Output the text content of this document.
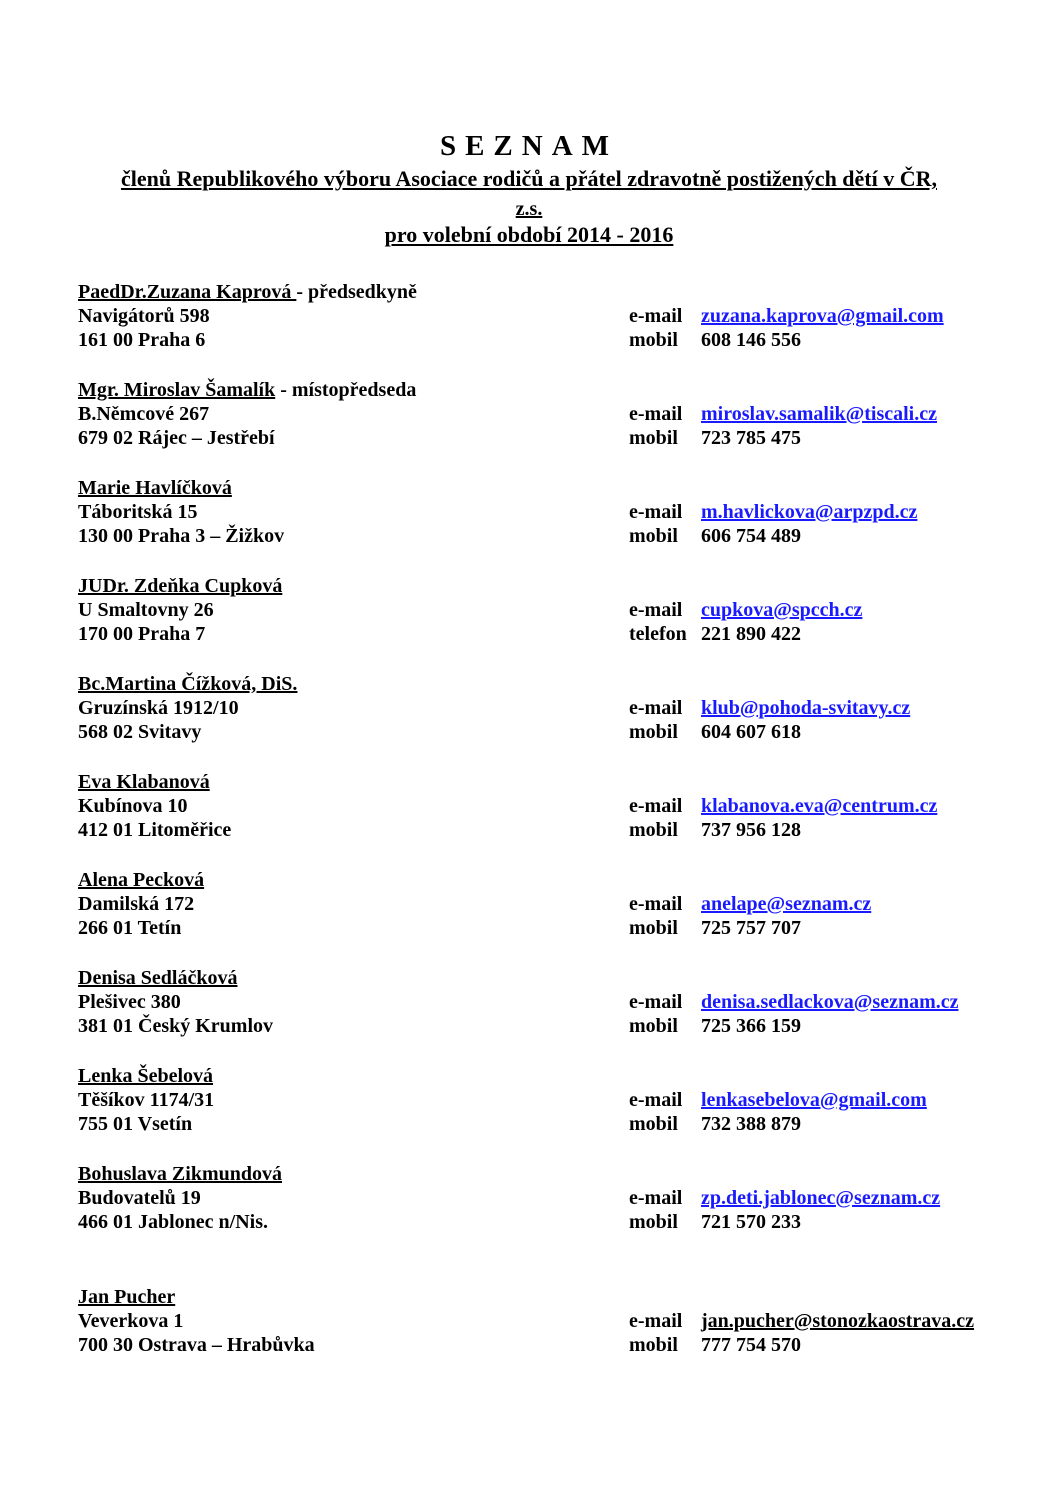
SEZNAM
členů Republikového výboru Asociace rodičů a přátel zdravotně postižených dětí v ČR,
z.s.
pro volební období 2014 - 2016
PaedDr.Zuzana Kaprová - předsedkyně
Navigátorů 598	e-mail zuzana.kaprova@gmail.com
161 00 Praha 6	mobil 608 146 556
Mgr. Miroslav Šamalík - místopředseda
B.Němcové 267	e-mail miroslav.samalik@tiscali.cz
679 02 Rájec – Jestřebí	mobil 723 785 475
Marie Havlíčková
Táboritská 15	e-mail m.havlickova@arpzpd.cz
130 00 Praha 3 – Žižkov	mobil 606 754 489
JUDr. Zdeňka Cupková
U Smaltovny 26	e-mail cupkova@spcch.cz
170 00 Praha 7	telefon 221 890 422
Bc.Martina Čížková, DiS.
Gruzínská 1912/10	e-mail klub@pohoda-svitavy.cz
568 02 Svitavy	mobil 604 607 618
Eva Klabanová
Kubínova 10	e-mail klabanova.eva@centrum.cz
412 01 Litoměřice	mobil 737 956 128
Alena Pecková
Damilská 172	e-mail anelape@seznam.cz
266 01 Tetín	mobil 725 757 707
Denisa Sedláčková
Plešivec 380	e-mail denisa.sedlackova@seznam.cz
381 01 Český Krumlov	mobil 725 366 159
Lenka Šebelová
Těšíkov 1174/31	e-mail lenkasebelova@gmail.com
755 01 Vsetín	mobil 732 388 879
Bohuslava Zikmundová
Budovatelů 19	e-mail zp.deti.jablonec@seznam.cz
466 01 Jablonec n/Nis.	mobil 721 570 233
Jan Pucher
Veverkova 1	e-mail jan.pucher@stonozkaostrava.cz
700 30 Ostrava – Hrabůvka	mobil 777 754 570
